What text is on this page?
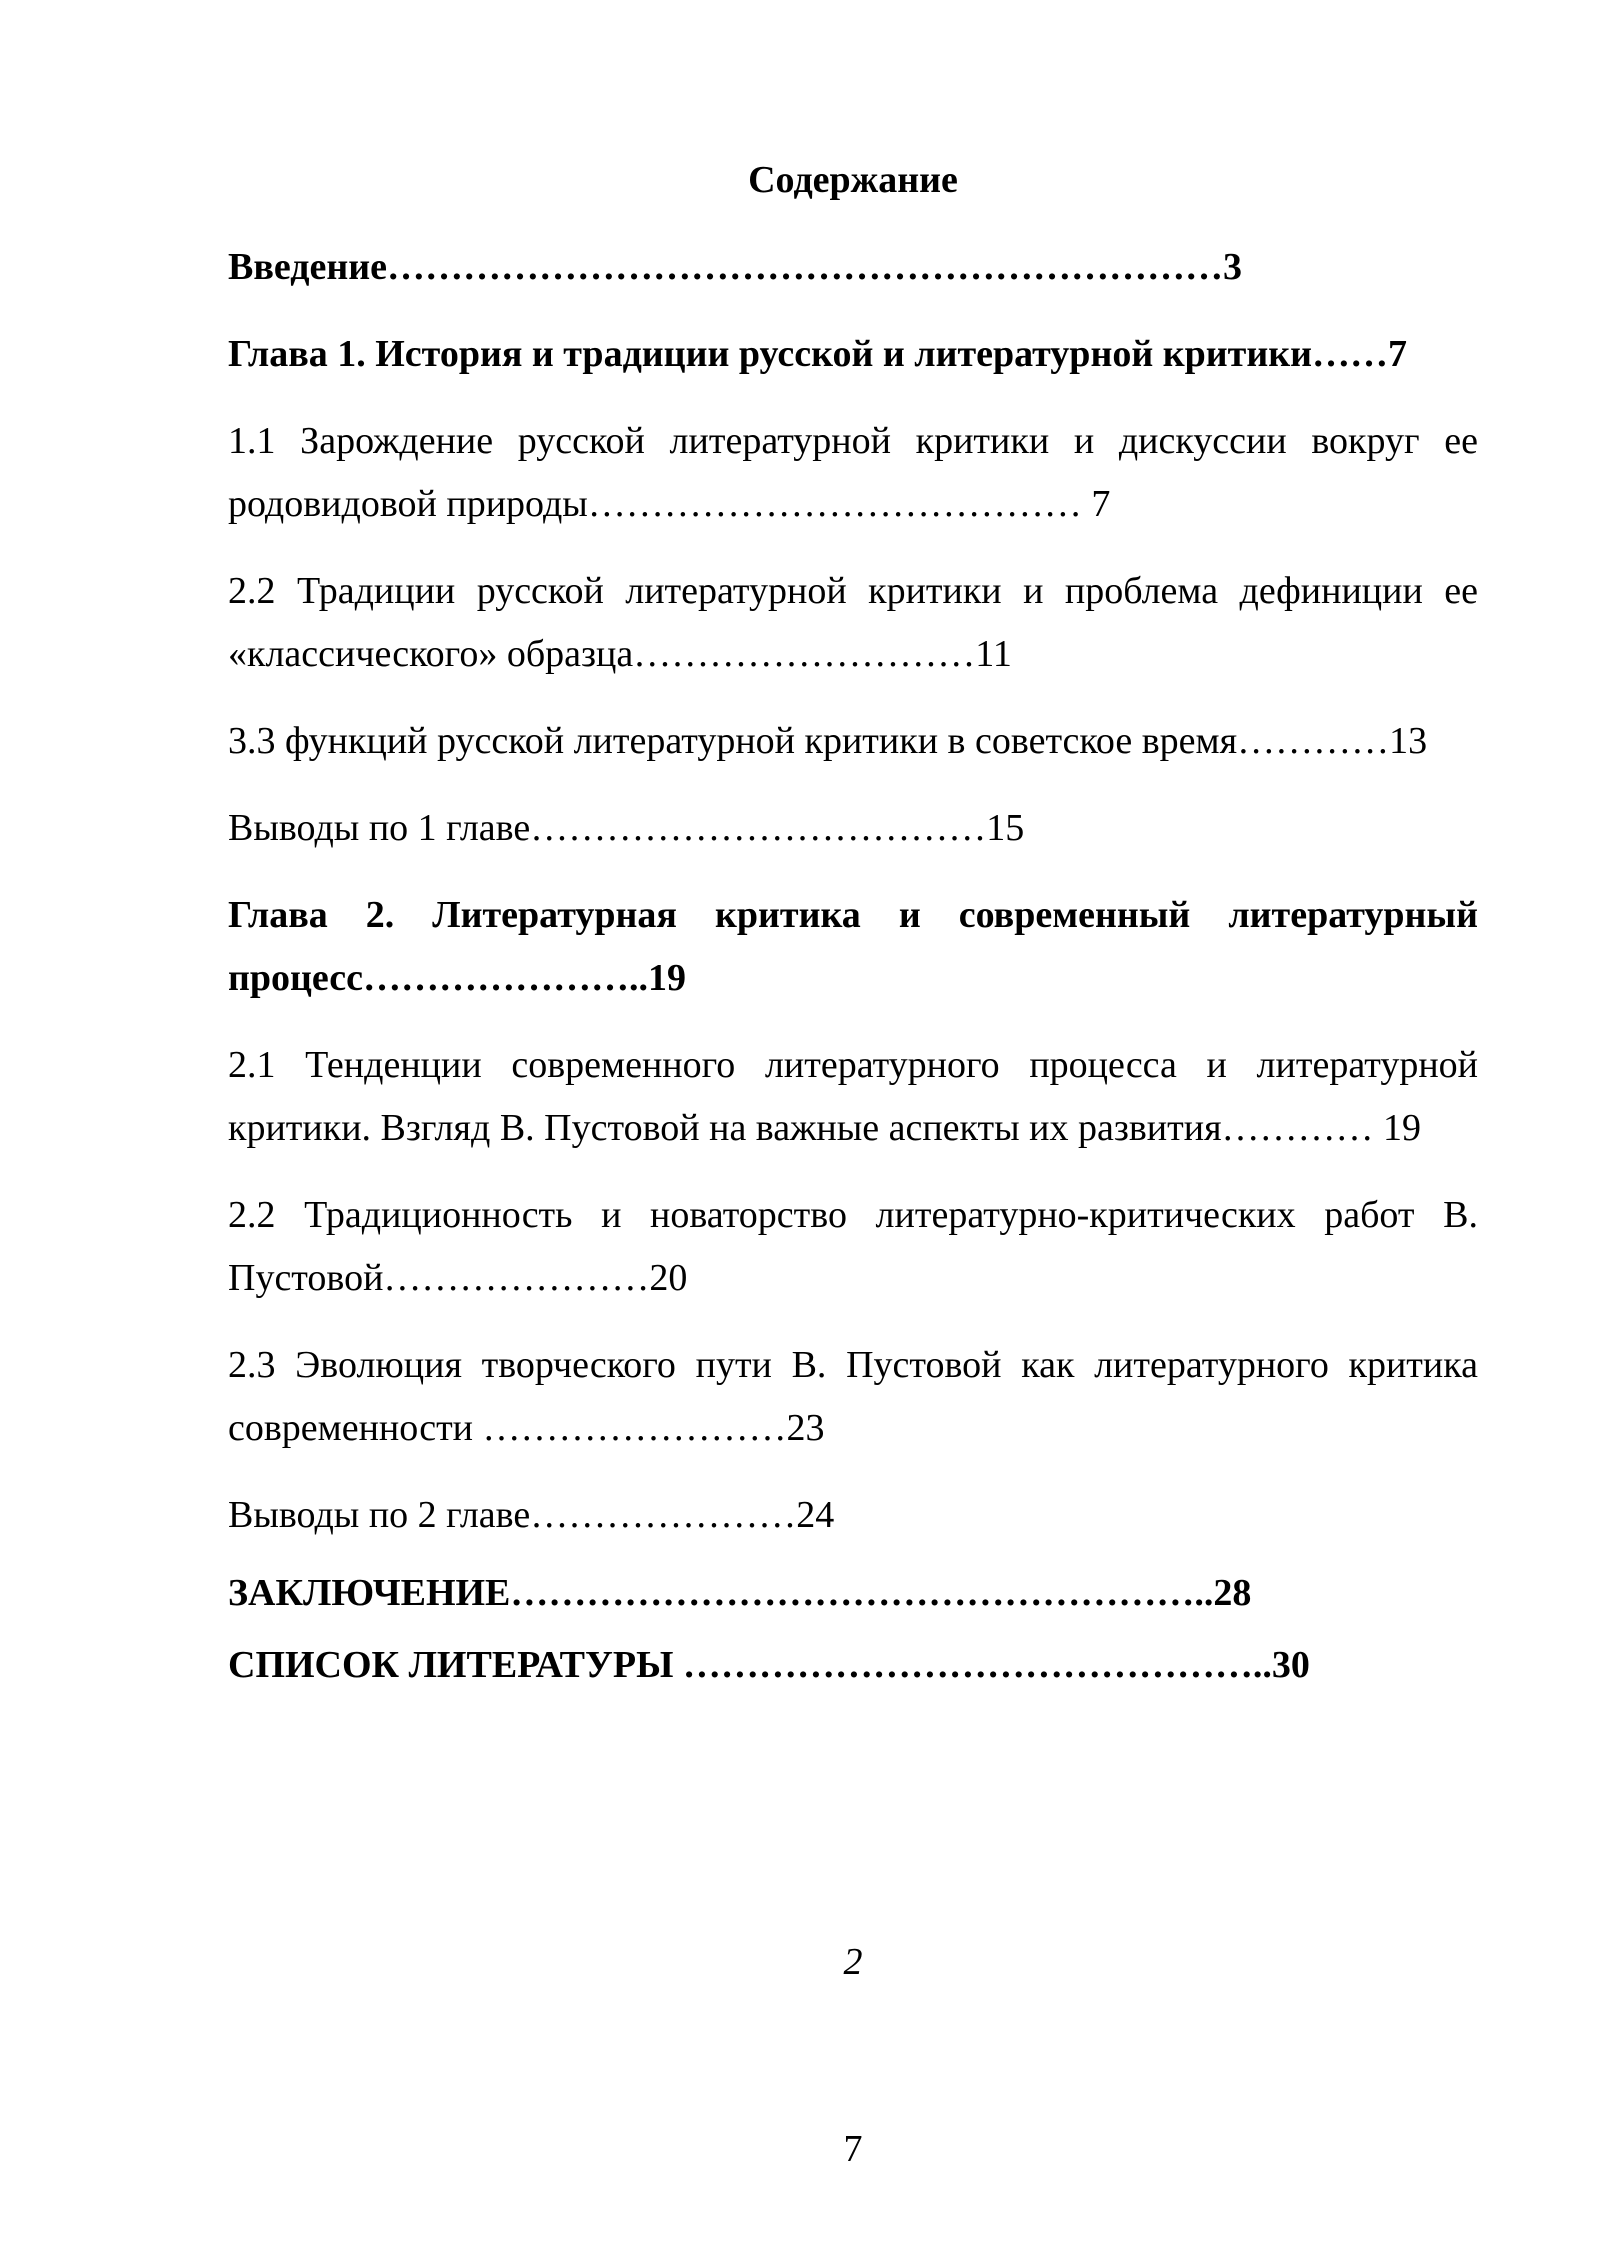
Содержание
Введение…………………………………………………………3
Глава 1. История и традиции русской и литературной критики……7
1.1 Зарождение русской литературной критики и дискуссии вокруг ее
родовидовой природы………………………………… 7
2.2 Традиции русской литературной критики и проблема дефиниции ее
«классического» образца………………………11
3.3 функций русской литературной критики в советское время…………13
Выводы по 1 главе………………………………15
Глава 2. Литературная критика и современный литературный
процесс…………………..19
2.1 Тенденции современного литературного процесса и литературной
критики. Взгляд В. Пустовой на важные аспекты их развития………… 19
2.2 Традиционность и новаторство литературно-критических работ В.
Пустовой…………………20
2.3 Эволюция творческого пути В. Пустовой как литературного критика
современности ……………………23
Выводы по 2 главе…………………24
ЗАКЛЮЧЕНИЕ………………………………………………..28
СПИСОК ЛИТЕРАТУРЫ ………………………………………..30
2
7
